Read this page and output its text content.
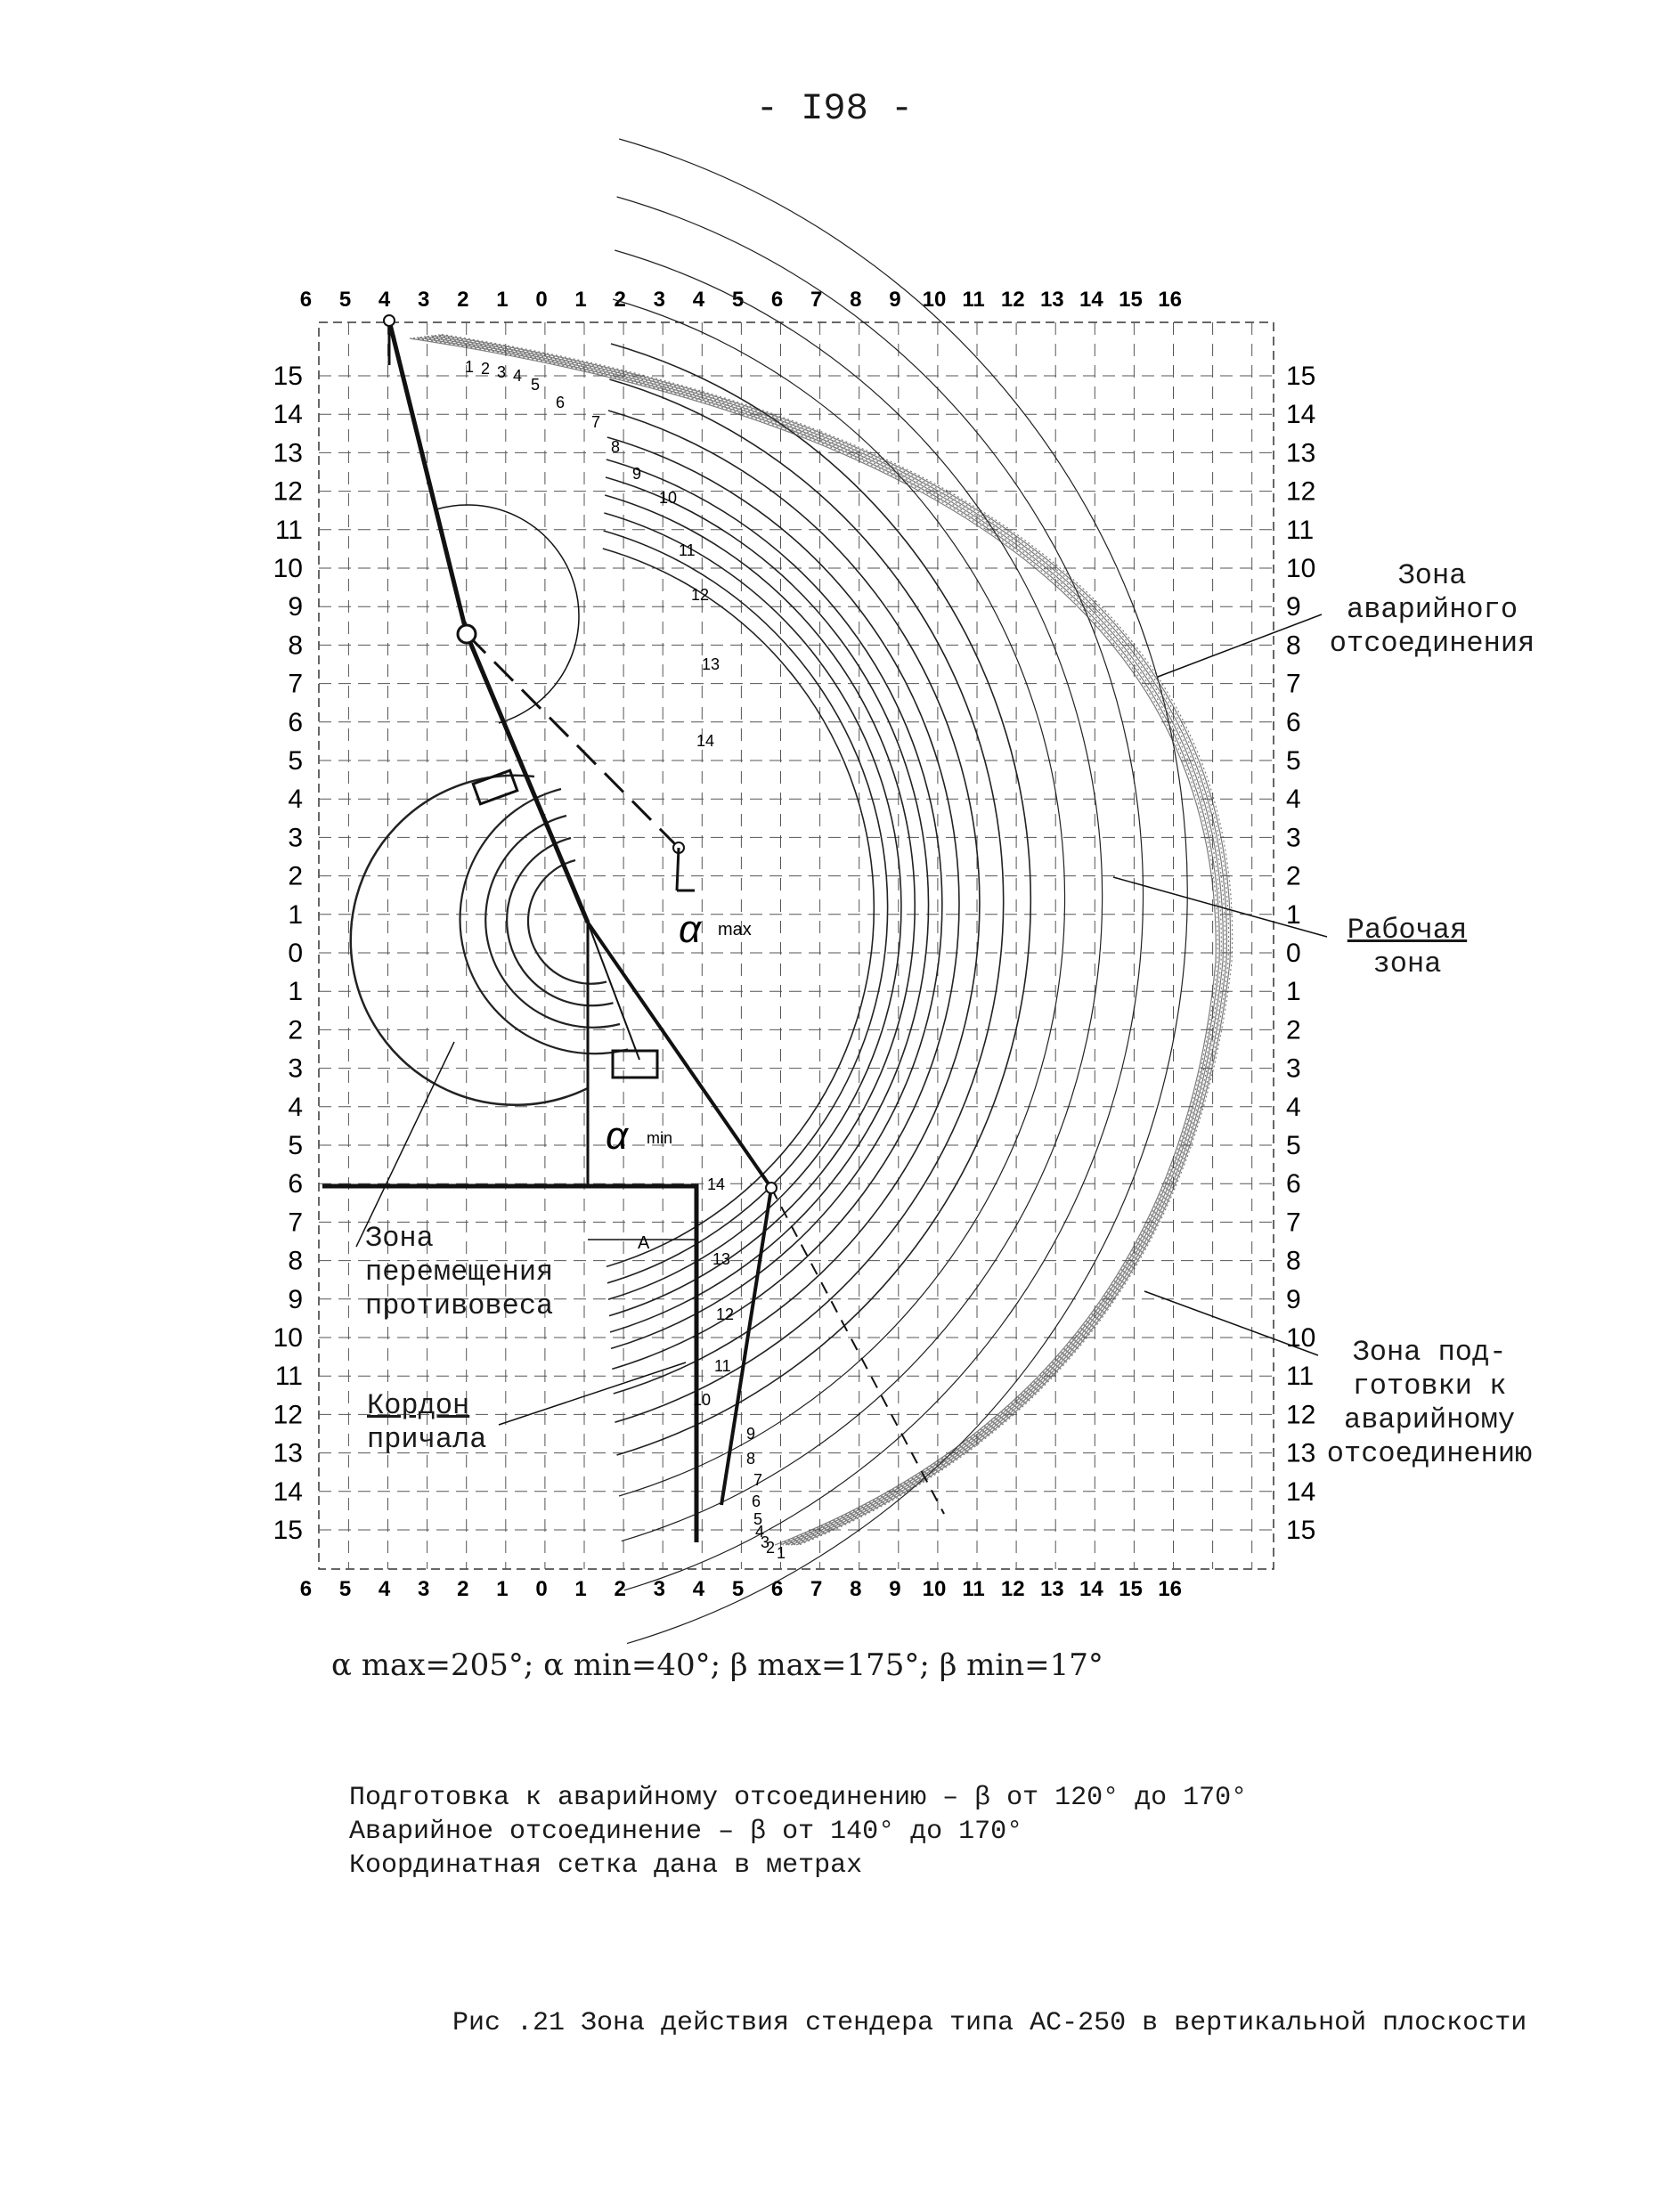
- I98 -
6 5 4 3 2 1 0 1 2 3 4 5 6 7 8 9 10 11 12 13 14 15 16
6 5 4 3 2 1 0 1 2 3 4 5 6 7 8 9 10 11 12 13 14 15 16
15
14
13
12
11
10
9
8
7
6
5
4
3
2
1
0
1
2
3
4
5
6
7
8
9
10
11
12
13
14
15
15
14
13
12
11
10
9
8
7
6
5
4
3
2
1
0
1
2
3
4
5
6
7
8
9
10
11
12
13
14
15
α max
α min
A
1 2 3 4 5
6
7
8
9
10
11
12
13
14
14
13
12
11
10
9
8
7
6
5
4
3
2 1
Зона
аварийного
отсоединения
Рабочая
зона
Зона под-
готовки к
аварийному
отсоединению
Зона
перемещения
противовеса
Кордон
причала
α max=205°; α min=40°; β max=175°; β min=17°
Подготовка к аварийному отсоединению – β от 120° до 170°
Аварийное отсоединение – β от 140° до 170°
Координатная сетка дана в метрах
Рис .21 Зона действия стендера типа АС-250 в вертикальной плоскости
